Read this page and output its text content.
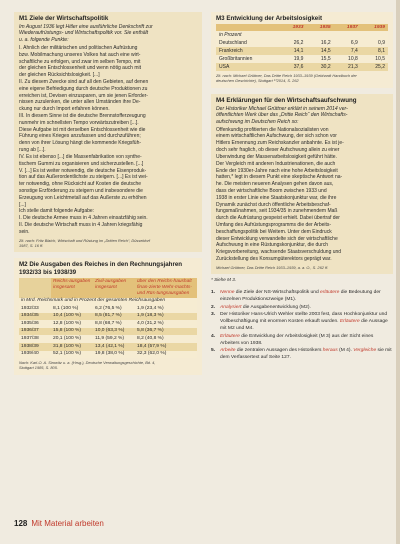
M1 Ziele der Wirtschaftspolitik
Im August 1936 legt Hitler eine ausführliche Denkschrift zur
Wiederaufrüstungs- und Wirtschaftspolitik vor. Sie enthält
u. a. folgende Punkte:
I. Ähnlich der militärischen und politischen Aufrüstung
bzw. Mobilmachung unseres Volkes hat auch eine wirt-
schaftliche zu erfolgen, und zwar im selben Tempo, mit
der gleichen Entschlossenheit und wenn nötig auch mit
der gleichen Rücksichtslosigkeit. [...]
II. Zu diesem Zwecke sind auf all den Gebieten, auf denen
eine eigene Befriedigung durch deutsche Produktionen zu
erreichen ist, Devisen einzusparen, um sie jenen Erforder-
nissen zuzulenken, die unter allen Umständen ihre De-
ckung nur durch Import erfahren können.
III. In diesem Sinne ist die deutsche Brennstofferzeugung
nunmehr im schnellsten Tempo vorwärtszutreiben [...].
Diese Aufgabe ist mit derselben Entschlossenheit wie die
Führung eines Krieges anzufassen und durchzuführen;
denn von ihrer Lösung hängt die kommende Kriegsfüh-
rung ab [...].
IV. Es ist ebenso [...] die Massenfabrikation von synthe-
tischem Gummi zu organisieren und sicherzustellen. [...]
V. [...] Es ist weiter notwendig, die deutsche Eisenproduk-
tion auf das Außerordentlichste zu steigern. [...] Es ist wei-
ter notwendig, ohne Rücksicht auf Kosten die deutsche
sonstige Erzförderung zu steigern und insbesondere die
Erzeugung von Leichtmetall auf das Äußerste zu erhöhen
[...]
Ich stelle damit folgende Aufgabe:
I. Die deutsche Armee muss in 4 Jahren einsatzfähig sein.
II. Die deutsche Wirtschaft muss in 4 Jahren kriegsfähig
sein.
Zit. nach: Fritz Blaich, Wirtschaft und Rüstung im „Dritten Reich“, Düsseldorf
1987, S. 16 ff.
M2 Die Ausgaben des Reiches in den Rechnungsjahren
1932/33 bis 1938/39
	Reichs-ausgaben insgesamt	Zivil-ausgaben insgesamt	über den Reichs-haushalt finan-zierte Wehr-machts- und Rüs-tungsausgaben
in Mrd. Reichsmark und in Prozent der gesamten Reichsausgaben			
1932/33	8,1 (100 %)	6,2 (76,5 %)	1,9 (23,4 %)
1934/35	10,4 (100 %)	8,5 (81,7 %)	1,9 (18,3 %)
1935/36	12,8 (100 %)	8,8 (68,7 %)	4,0 (31,2 %)
1936/37	15,8 (100 %)	10,0 (63,3 %)	5,8 (36,7 %)
1937/38	20,1 (100 %)	11,9 (59,2 %)	8,2 (40,8 %)
1938/39	31,8 (100 %)	13,4 (42,1 %)	18,4 (57,9 %)
1939/40	52,1 (100 %)	19,8 (38,0 %)	32,3 (62,0 %)
Nach: Karl-O. A. Sirowitz u. a. (Hrsg.), Deutsche Verwaltungsgeschichte, Bd. 4,
Stuttgart 1985, S. 805.
M3 Entwicklung der Arbeitslosigkeit
	1933	1935	1937	1939
in Prozent				
Deutschland	26,2	16,2	6,9	0,9
Frankreich	14,1	14,5	7,4	8,1
Großbritannien	19,9	15,5	10,8	10,5
USA	37,6	30,2	21,3	25,2
Zit. nach: Michael Grüttner, Das Dritte Reich 1933–1939 (Gebhardt Handbuch der
deutschen Geschichte), Stuttgart ¹⁰2014, S. 262
M4 Erklärungen für den Wirtschaftsaufschwung
Der Historiker Michael Grüttner erklärt in seinem 2014 ver-
öffentlichten Werk über das „Dritte Reich“ den Wirtschafts-
aufschwung im Deutschen Reich so:
Offenkundig profitierten die Nationalsozialisten von
einem wirtschaftlichen Aufschwung, der sich schon vor
Hitlers Ernennung zum Reichskanzler anbahnte. Es ist je-
doch sehr fraglich, ob dieser Aufschwung allein zu einer
Überwindung der Massenarbeitslosigkeit geführt hätte.
Der Vergleich mit anderen Industrienationen, die auch
Ende der 1930er-Jahre nach eine hohe Arbeitslosigkeit
hatten,* legt in diesem Punkt eine skeptische Antwort na-
he. Die meisten neueren Analysen gehen davon aus,
dass der wirtschaftliche Boom zwischen 1933 und
1938 in erster Linie eine Staatskonjunktur war, die ihre
Dynamik zunächst durch öffentliche Arbeitsbeschaf-
fungsmaßnahmen, seit 1934/35 in zunehmendem Maß
durch die Aufrüstung gespeist erhielt. Dabei übertraf der
Umfang des Aufrüstungsprogramms die der Arbeits-
beschaffungspolitik bei Weitem. Unter dem Eindruck
dieser Entwicklung verwandelte sich der wirtschaftliche
Aufschwung in eine Rüstungskonjunktur, die durch
Kriegsvorbereitung, wachsende Staatsverschuldung und
Zurückstellung des Konsumgüterektors geprägt war.
Michael Grüttner, Das Dritte Reich 1933–1939, a. a. O., S. 262 ff.

* Siehe M 3.

1.	Nenne die Ziele der NS-Wirtschaftspolitik und erläutere die Bedeutung der einzelnen Produktionszweige (M1).
2.	Analysiert die Ausgabenentwicklung (M2).
3.	Der Historiker Hans-Ulrich Wehler stellte 2003 fest, dass Hochkonjunktur und Vollbeschäftigung mit enormen Kosten erkauft wurden. Erläutere die Aussage mit M2 und M4.
4.	Erläutere die Entwicklung der Arbeitslosigkeit (M 3) aus der Sicht eines Arbeiters von 1938.
5.	Arbeite die zentralen Aussagen des Historikers heraus (M 4). Vergleiche sie mit dem Verfassertext auf Seite 127.
128 Mit Material arbeiten
